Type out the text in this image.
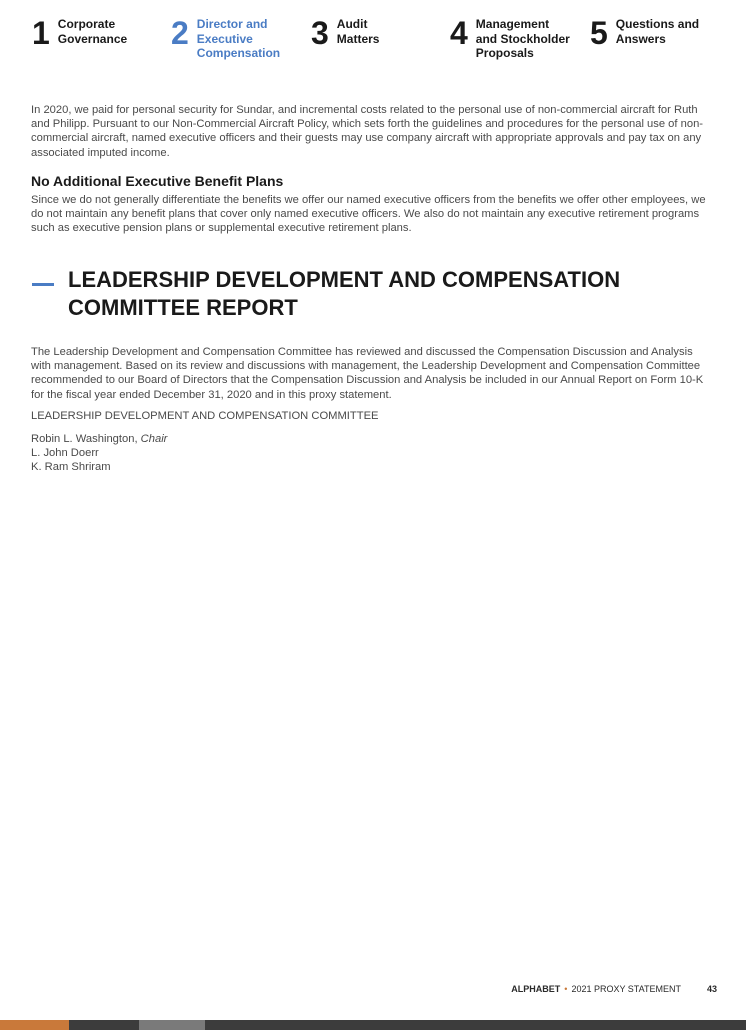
1 Corporate
Governance 2 Director and
Executive
Compensation
3 Audit
Matters 4 Management
and Stockholder
Proposals
5 Questions and
Answers

In 2020, we paid for personal security for Sundar, and incremental costs related to the personal use of non-commercial aircraft for Ruth and Philipp. Pursuant to our Non-Commercial Aircraft Policy, which sets forth the guidelines and procedures for the personal use of non-commercial aircraft, named executive officers and their guests may use company aircraft with appropriate approvals and pay tax on any associated imputed income.

No Additional Executive Benefit Plans

Since we do not generally differentiate the benefits we offer our named executive officers from the benefits we offer other employees, we do not maintain any benefit plans that cover only named executive officers. We also do not maintain any executive retirement programs such as executive pension plans or supplemental executive retirement plans.

LEADERSHIP DEVELOPMENT AND COMPENSATION COMMITTEE REPORT

The Leadership Development and Compensation Committee has reviewed and discussed the Compensation Discussion and Analysis with management. Based on its review and discussions with management, the Leadership Development and Compensation Committee recommended to our Board of Directors that the Compensation Discussion and Analysis be included in our Annual Report on Form 10-K for the fiscal year ended December 31, 2020 and in this proxy statement.

LEADERSHIP DEVELOPMENT AND COMPENSATION COMMITTEE
Robin L. Washington, Chair
L. John Doerr
K. Ram Shriram
ALPHABET • 2021 PROXY STATEMENT	43
